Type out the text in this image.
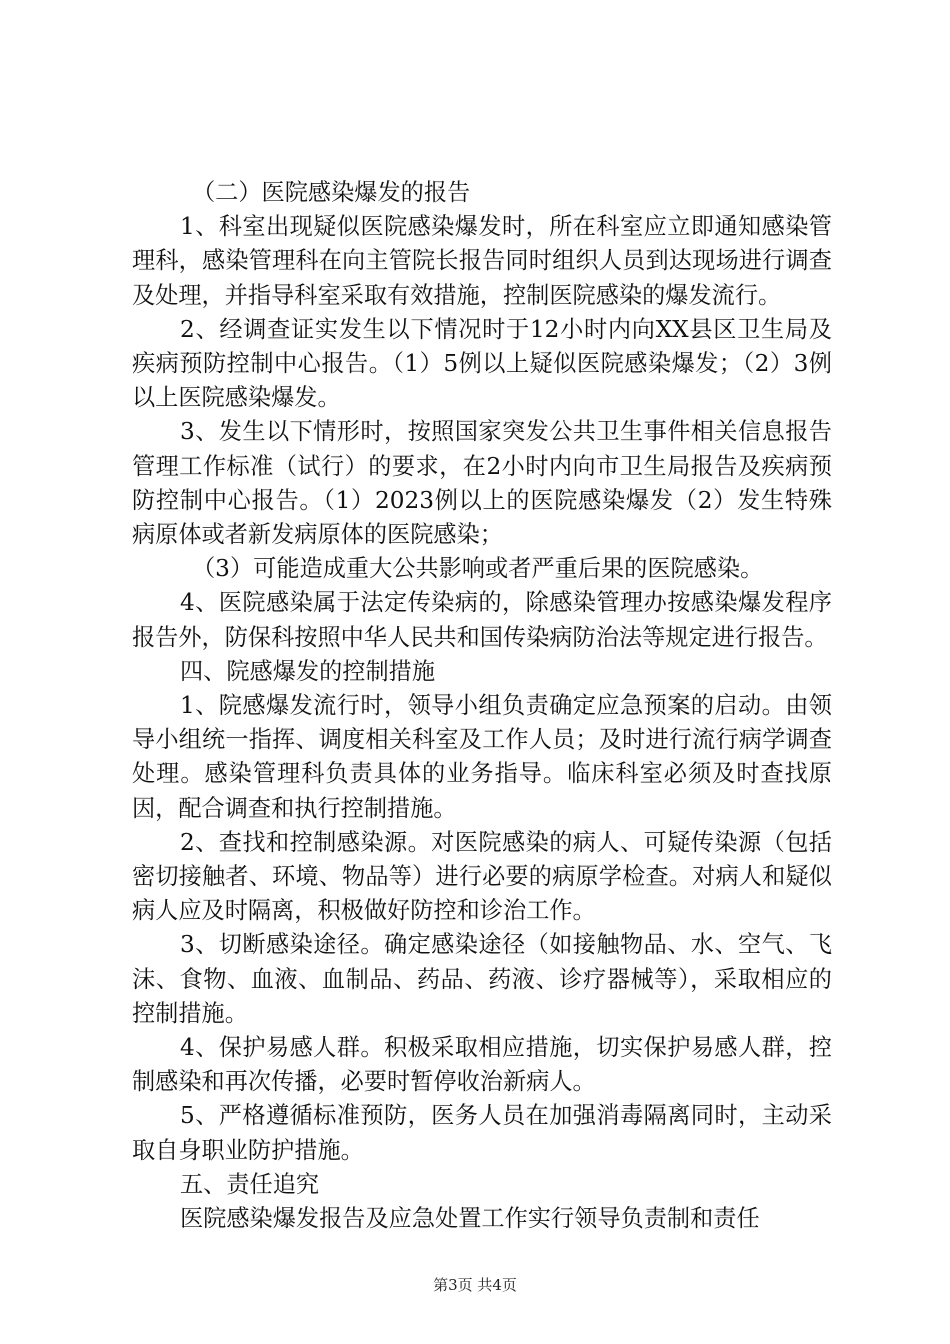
（二）医院感染爆发的报告

1、科室出现疑似医院感染爆发时，所在科室应立即通知感染管理科，感染管理科在向主管院长报告同时组织人员到达现场进行调查及处理，并指导科室采取有效措施，控制医院感染的爆发流行。

2、经调查证实发生以下情况时于12小时内向XX县区卫生局及疾病预防控制中心报告。（1）5例以上疑似医院感染爆发；（2）3例以上医院感染爆发。

3、发生以下情形时，按照国家突发公共卫生事件相关信息报告管理工作标准（试行）的要求，在2小时内向市卫生局报告及疾病预防控制中心报告。（1）2023例以上的医院感染爆发（2）发生特殊病原体或者新发病原体的医院感染；

（3）可能造成重大公共影响或者严重后果的医院感染。

4、医院感染属于法定传染病的，除感染管理办按感染爆发程序报告外，防保科按照中华人民共和国传染病防治法等规定进行报告。

四、院感爆发的控制措施

1、院感爆发流行时，领导小组负责确定应急预案的启动。由领导小组统一指挥、调度相关科室及工作人员；及时进行流行病学调查处理。感染管理科负责具体的业务指导。临床科室必须及时查找原因，配合调查和执行控制措施。

2、查找和控制感染源。对医院感染的病人、可疑传染源（包括密切接触者、环境、物品等）进行必要的病原学检查。对病人和疑似病人应及时隔离，积极做好防控和诊治工作。

3、切断感染途径。确定感染途径（如接触物品、水、空气、飞沫、食物、血液、血制品、药品、药液、诊疗器械等），采取相应的控制措施。

4、保护易感人群。积极采取相应措施，切实保护易感人群，控制感染和再次传播，必要时暂停收治新病人。

5、严格遵循标准预防，医务人员在加强消毒隔离同时，主动采取自身职业防护措施。

五、责任追究

医院感染爆发报告及应急处置工作实行领导负责制和责任

第3页 共4页
